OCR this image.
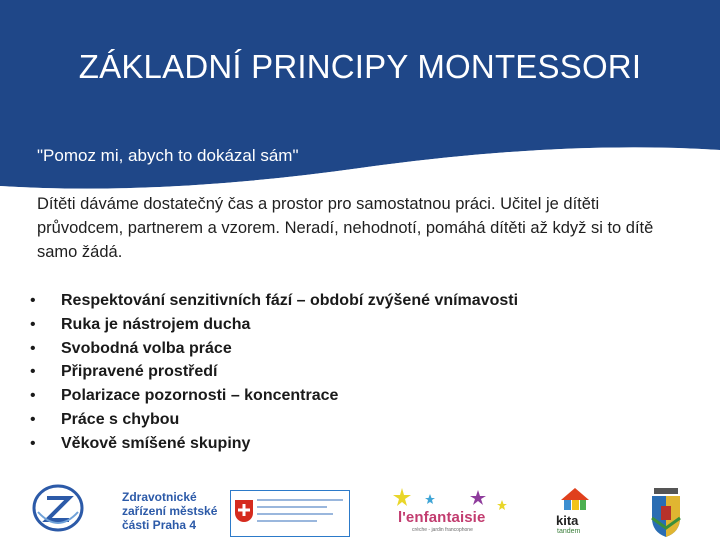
ZÁKLADNÍ PRINCIPY MONTESSORI
"Pomoz mi, abych to dokázal sám"
Dítěti dáváme dostatečný čas a prostor pro samostatnou práci. Učitel je dítěti průvodcem, partnerem a vzorem. Neradí, nehodnotí, pomáhá dítěti až když si to dítě samo žádá.
• Respektování senzitivních fází – období zvýšené vnímavosti
• Ruka je nástrojem ducha
• Svobodná volba práce
• Připravené prostředí
• Polarizace pozornosti – koncentrace
• Práce s chybou
• Věkově smíšené skupiny
Zdravotnické
zařízení městské
části Praha 4	l'enfantaisie
crèche - jardin francophone
kita
tandem
